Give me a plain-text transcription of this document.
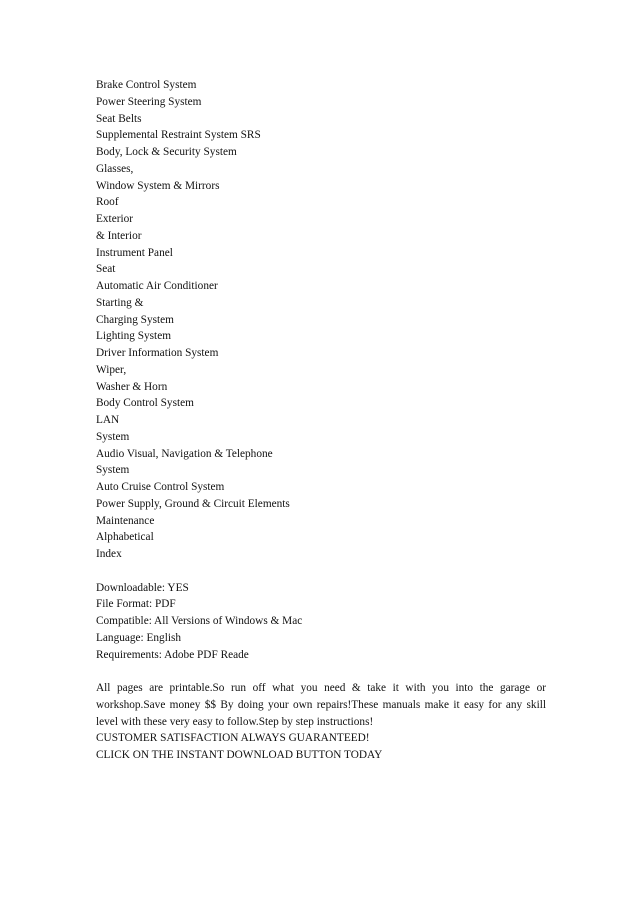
Brake Control System
Power Steering System
Seat Belts
Supplemental Restraint System SRS
Body, Lock & Security System
Glasses,
Window System & Mirrors
Roof
Exterior
& Interior
Instrument Panel
Seat
Automatic Air Conditioner
Starting &
Charging System
Lighting System
Driver Information System
Wiper,
Washer & Horn
Body Control System
LAN
System
Audio Visual, Navigation & Telephone
System
Auto Cruise Control System
Power Supply, Ground & Circuit Elements
Maintenance
Alphabetical
Index
Downloadable: YES
File Format: PDF
Compatible: All Versions of Windows & Mac
Language: English
Requirements: Adobe PDF Reade
All pages are printable.So run off what you need & take it with you into the garage or
workshop.Save money $$ By doing your own repairs!These manuals make it easy for any skill
level with these very easy to follow.Step by step instructions!
CUSTOMER SATISFACTION ALWAYS GUARANTEED!
CLICK ON THE INSTANT DOWNLOAD BUTTON TODAY
